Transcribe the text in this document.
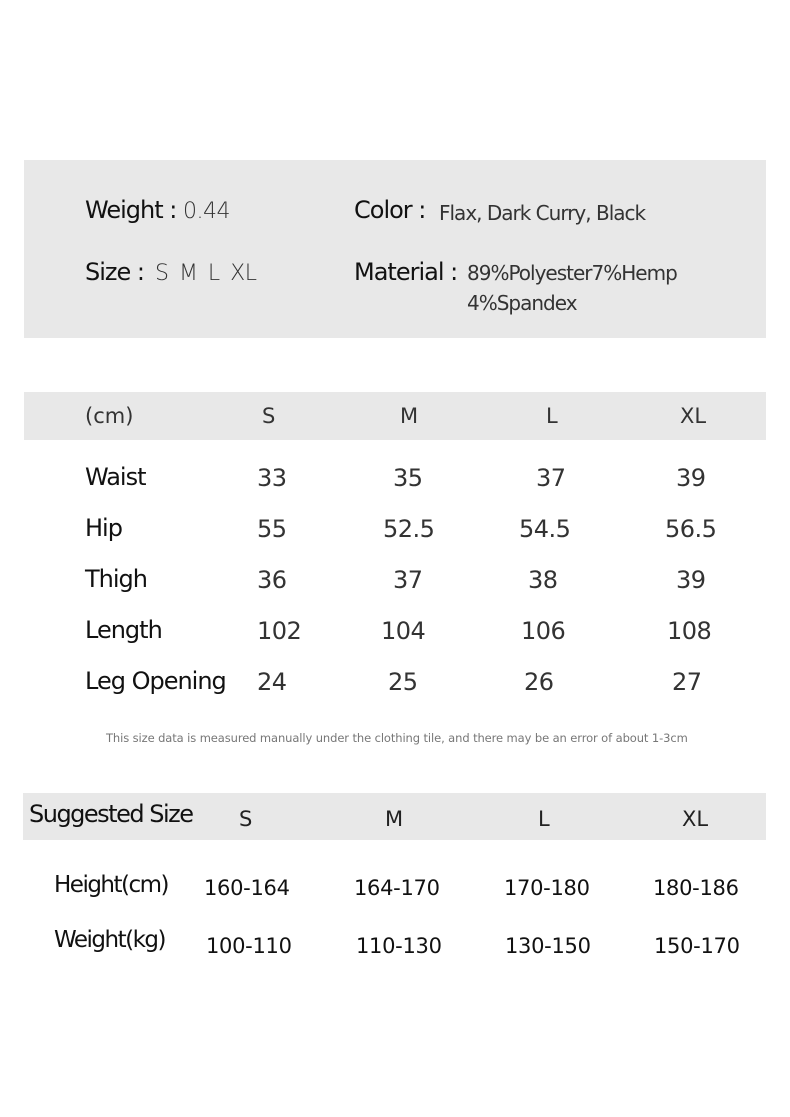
Weight : 0.44	Color : Flax, Dark Curry, Black
Size : S M L XL	Material : 89%Polyester7%Hemp
4%Spandex
(cm)	S	M	L	XL
Waist	33	35	37	39
Hip	55	52.5	54.5	56.5
Thigh	36	37	38	39
Length	102	104	106	108
Leg Opening 24	25	26	27
This size data is measured manually under the clothing tile, and there may be an error of about 1-3cm
Suggested Size S	M	L	XL
Height(cm) 160-164	164-170	170-180	180-186
Weight(kg) 100-110	110-130	130-150	150-170
